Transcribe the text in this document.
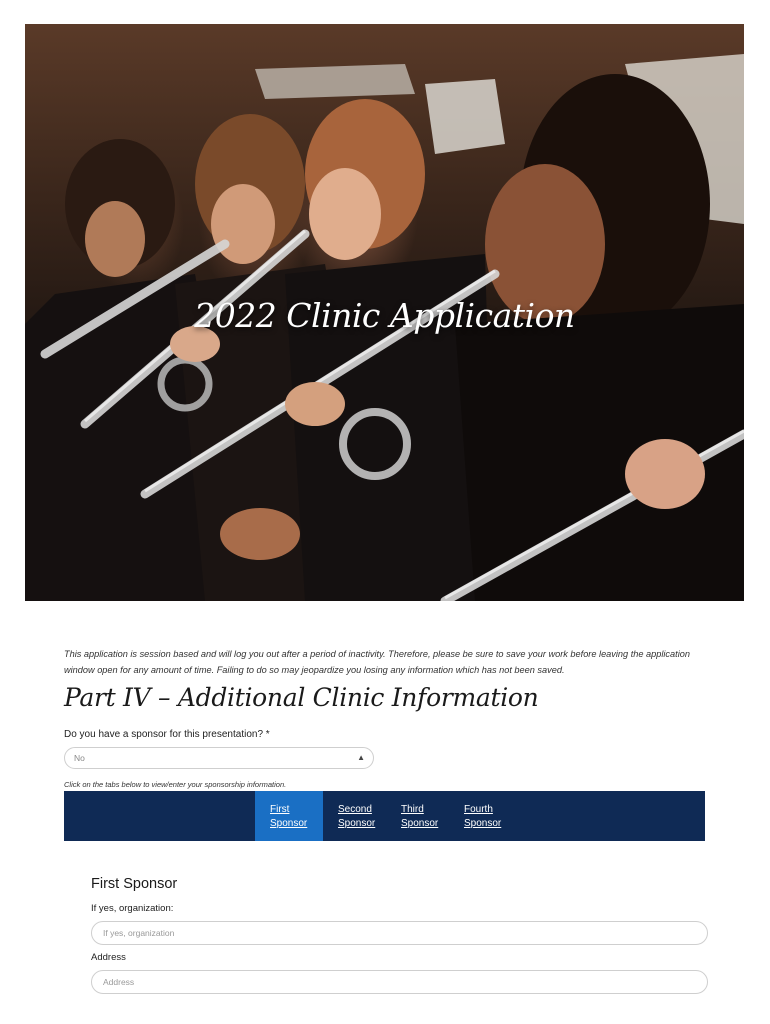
2022 Clinic Application
This application is session based and will log you out after a period of inactivity. Therefore, please be sure to save your work before leaving the application window open for any amount of time. Failing to do so may jeopardize you losing any information which has not been saved.
Part IV – Additional Clinic Information
Do you have a sponsor for this presentation? *
No	▲

Click on the tabs below to view/enter your sponsorship information.
First
Sponsor
Second
Sponsor
Third
Sponsor
Fourth
Sponsor
First Sponsor
If yes, organization:
If yes, organization
Address
Address
